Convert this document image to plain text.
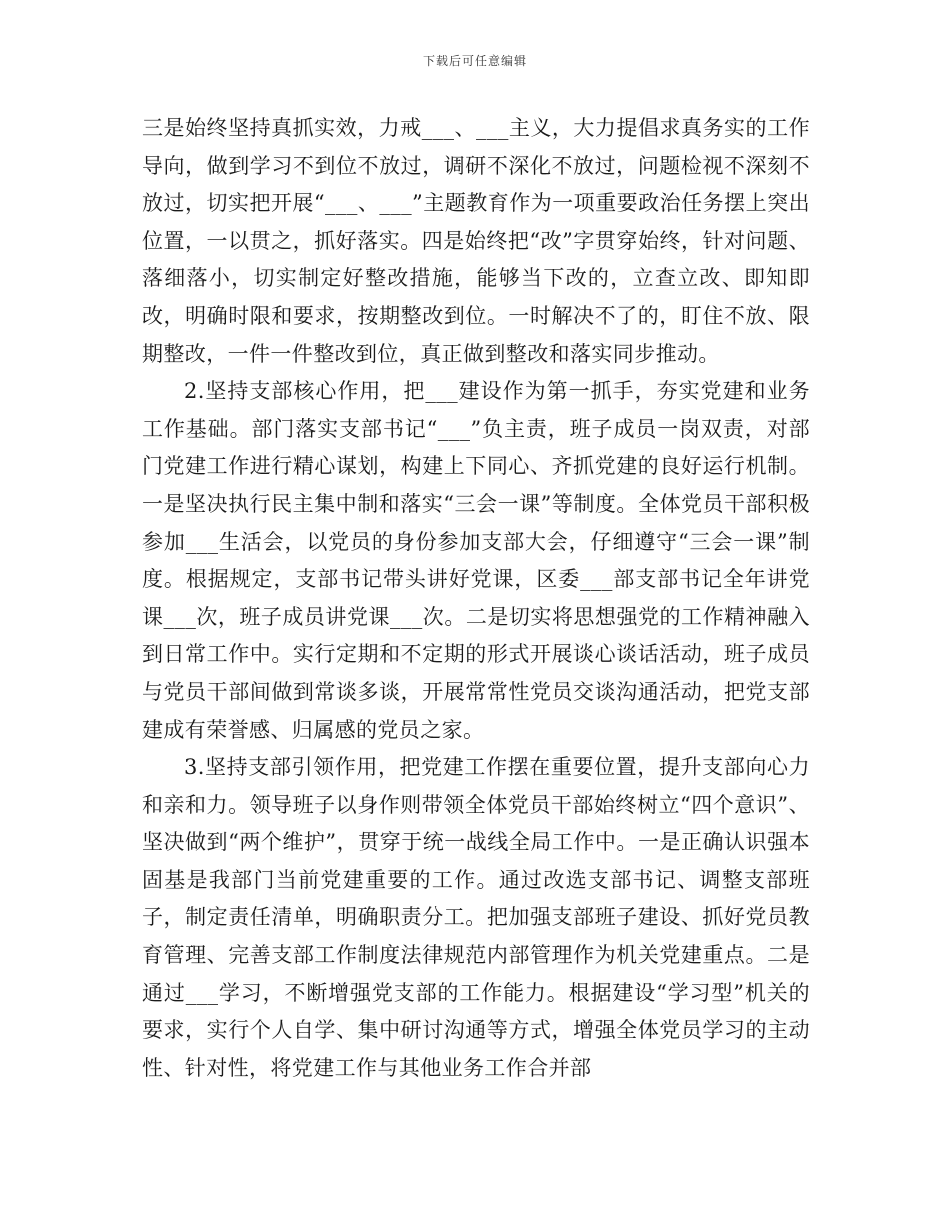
下载后可任意编辑

三是始终坚持真抓实效，力戒___、___主义，大力提倡求真务实的工作导向，做到学习不到位不放过，调研不深化不放过，问题检视不深刻不放过，切实把开展“___、___”主题教育作为一项重要政治任务摆上突出位置，一以贯之，抓好落实。四是始终把“改”字贯穿始终，针对问题、落细落小，切实制定好整改措施，能够当下改的，立查立改、即知即改，明确时限和要求，按期整改到位。一时解决不了的，盯住不放、限期整改，一件一件整改到位，真正做到整改和落实同步推动。

2.坚持支部核心作用，把___建设作为第一抓手，夯实党建和业务工作基础。部门落实支部书记“___”负主责，班子成员一岗双责，对部门党建工作进行精心谋划，构建上下同心、齐抓党建的良好运行机制。一是坚决执行民主集中制和落实“三会一课”等制度。全体党员干部积极参加___生活会，以党员的身份参加支部大会，仔细遵守“三会一课”制度。根据规定，支部书记带头讲好党课，区委___部支部书记全年讲党课___次，班子成员讲党课___次。二是切实将思想强党的工作精神融入到日常工作中。实行定期和不定期的形式开展谈心谈话活动，班子成员与党员干部间做到常谈多谈，开展常常性党员交谈沟通活动，把党支部建成有荣誉感、归属感的党员之家。

3.坚持支部引领作用，把党建工作摆在重要位置，提升支部向心力和亲和力。领导班子以身作则带领全体党员干部始终树立“四个意识”、坚决做到“两个维护”，贯穿于统一战线全局工作中。一是正确认识强本固基是我部门当前党建重要的工作。通过改选支部书记、调整支部班子，制定责任清单，明确职责分工。把加强支部班子建设、抓好党员教育管理、完善支部工作制度法律规范内部管理作为机关党建重点。二是通过___学习，不断增强党支部的工作能力。根据建设“学习型”机关的要求，实行个人自学、集中研讨沟通等方式，增强全体党员学习的主动性、针对性，将党建工作与其他业务工作合并部
